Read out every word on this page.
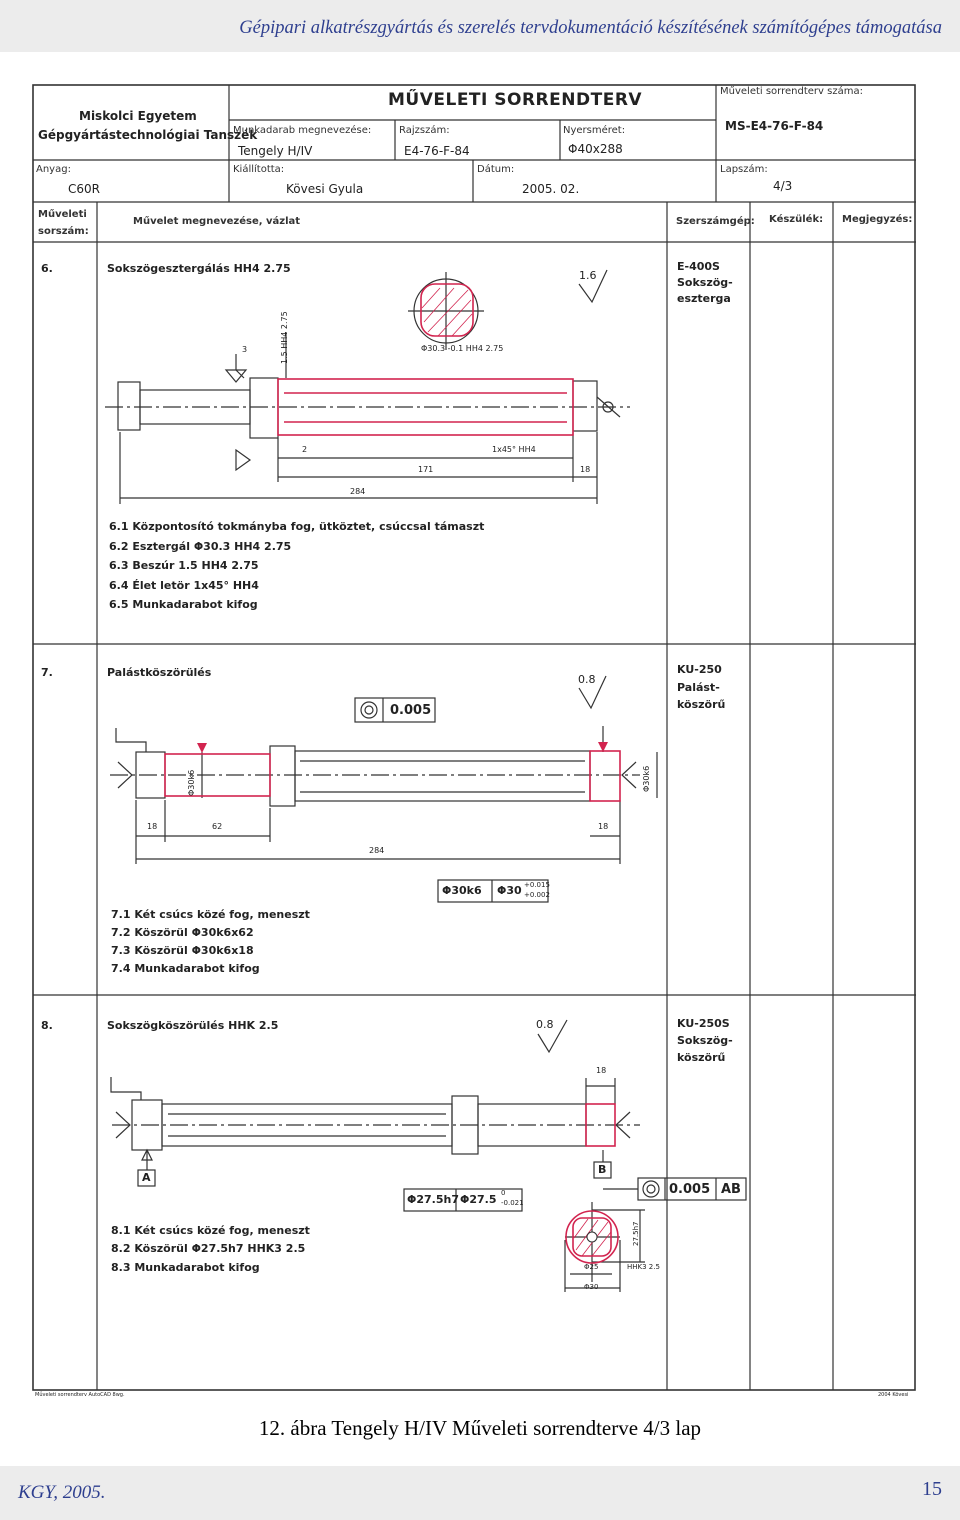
Gépipari alkatrészgyártás és szerelés tervdokumentáció készítésének számítógépes támogatása
Miskolci Egyetem
Gépgyártástechnológiai Tanszék
MŰVELETI SORRENDTERV	Műveleti sorrendterv száma:
MS-E4-76-F-84
Munkadarab megnevezése:
Tengely H/IV
Rajzszám:
E4-76-F-84
Nyersméret:
Φ40x288
Anyag:
C60R
Kiállította:
Kövesi Gyula
Dátum:
2005. 02.
Lapszám:
4/3
Műveleti
sorszám:
Művelet megnevezése, vázlat	Szerszámgép: Készülék: Megjegyzés:
6.	Sokszögesztergálás HH4 2.75	E-400S
Sokszög-
esztergа
1.6
Φ30.3 -0.1 HH4 2.75
1.5 HH4 2.75
2	1x45° HH4
171	18
284
3
6.1 Központosító tokmányba fog, ütköztet, csúccsal támaszt
6.2 Esztergál Φ30.3 HH4 2.75
6.3 Beszúr 1.5 HH4 2.75
6.4 Élet letör 1x45° HH4
6.5 Munkadarabot kifog
7.	Palástköszörülés	KU-250
Palást-
köszörű
0.8
0.005
Φ30k6	Φ30k6
18	62	18
284
Φ30k6 Φ30 +0.015
+0.002
7.1 Két csúcs közé fog, meneszt
7.2 Köszörül Φ30k6x62
7.3 Köszörül Φ30k6x18
7.4 Munkadarabot kifog
8.	Sokszögköszörülés HHK 2.5	KU-250S
Sokszög-
köszörű
0.8
18
A
B
0.005 AB
Φ27.5h7 Φ27.5 0
-0.021
27.5h7
Φ25	HHK3 2.5
Φ30
8.1 Két csúcs közé fog, meneszt
8.2 Köszörül Φ27.5h7 HHK3 2.5
8.3 Munkadarabot kifog
Műveleti sorrendterv AutoCAD 8wg.	2004 Kövesi
12. ábra Tengely H/IV Műveleti sorrendterve 4/3 lap
KGY, 2005.	15
